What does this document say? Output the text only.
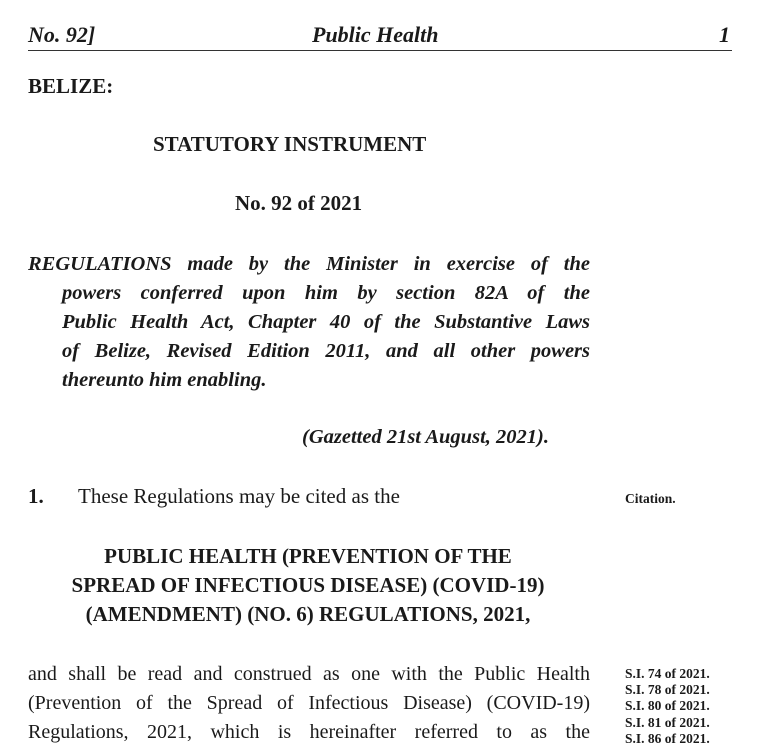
No. 92]	Public Health	1
BELIZE:
STATUTORY INSTRUMENT
No. 92 of 2021
REGULATIONS made by the Minister in exercise of the
powers conferred upon him by section 82A of the
Public Health Act, Chapter 40 of the Substantive Laws
of Belize, Revised Edition 2011, and all other powers
thereunto him enabling.
(Gazetted 21st August, 2021).
1. These Regulations may be cited as the	Citation.
PUBLIC HEALTH (PREVENTION OF THE
SPREAD OF INFECTIOUS DISEASE) (COVID-19)
(AMENDMENT) (NO. 6) REGULATIONS, 2021,
and shall be read and construed as one with the Public Health
(Prevention of the Spread of Infectious Disease) (COVID-19)
Regulations, 2021, which is hereinafter referred to as the
S.I. 74 of 2021.
S.I. 78 of 2021.
S.I. 80 of 2021.
S.I. 81 of 2021.
S.I. 86 of 2021.
